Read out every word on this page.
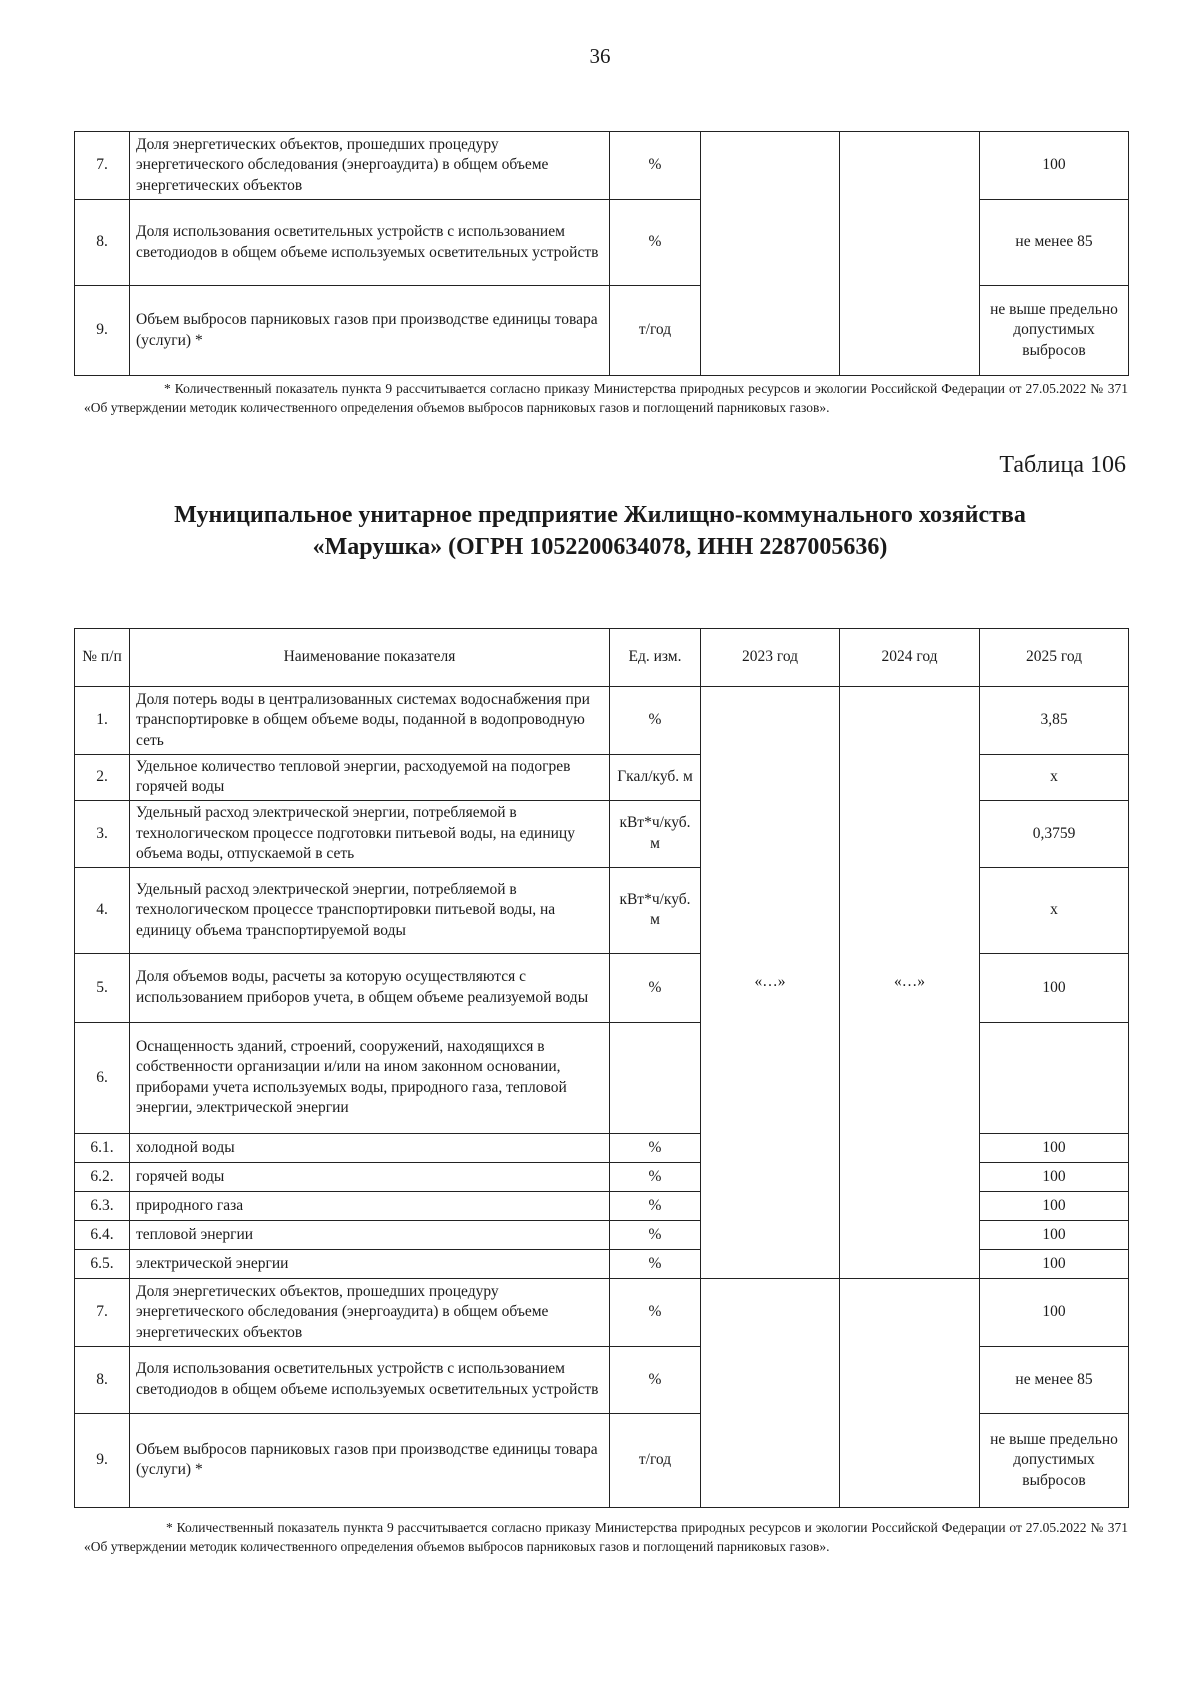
36
7.	Доля энергетических объектов, прошедших процедуру энергетического обследования (энергоаудита) в общем объеме энергетических объектов	%			100
8.	Доля использования осветительных устройств с использованием светодиодов в общем объеме используемых осветительных устройств	%			не менее 85
9.	Объем выбросов парниковых газов при производстве единицы товара (услуги) *	т/год			не выше предельно допустимых выбросов
* Количественный показатель пункта 9 рассчитывается согласно приказу Министерства природных ресурсов и экологии Российской Федерации от 27.05.2022 № 371 «Об утверждении методик количественного определения объемов выбросов парниковых газов и поглощений парниковых газов».
Таблица 106
Муниципальное унитарное предприятие Жилищно-коммунального хозяйства
«Марушка» (ОГРН 1052200634078, ИНН 2287005636)
№ п/п	Наименование показателя	Ед. изм.	2023 год	2024 год	2025 год
1.	Доля потерь воды в централизованных системах водоснабжения при транспортировке в общем объеме воды, поданной в водопроводную сеть	%	«…»	«…»	3,85
2.	Удельное количество тепловой энергии, расходуемой на подогрев горячей воды	Гкал/куб. м			х
3.	Удельный расход электрической энергии, потребляемой в технологическом процессе подготовки питьевой воды, на единицу объема воды, отпускаемой в сеть	кВт*ч/куб. м			0,3759
4.	Удельный расход электрической энергии, потребляемой в технологическом процессе транспортировки питьевой воды, на единицу объема транспортируемой воды	кВт*ч/куб. м			х
5.	Доля объемов воды, расчеты за которую осуществляются с использованием приборов учета, в общем объеме реализуемой воды	%			100
6.	Оснащенность зданий, строений, сооружений, находящихся в собственности организации и/или на ином законном основании, приборами учета используемых воды, природного газа, тепловой энергии, электрической энергии				
6.1.	холодной воды	%			100
6.2.	горячей воды	%			100
6.3.	природного газа	%			100
6.4.	тепловой энергии	%			100
6.5.	электрической энергии	%			100
7.	Доля энергетических объектов, прошедших процедуру энергетического обследования (энергоаудита) в общем объеме энергетических объектов	%			100
8.	Доля использования осветительных устройств с использованием светодиодов в общем объеме используемых осветительных устройств	%			не менее 85
9.	Объем выбросов парниковых газов при производстве единицы товара (услуги) *	т/год			не выше предельно допустимых выбросов
* Количественный показатель пункта 9 рассчитывается согласно приказу Министерства природных ресурсов и экологии Российской Федерации от 27.05.2022 № 371 «Об утверждении методик количественного определения объемов выбросов парниковых газов и поглощений парниковых газов».
